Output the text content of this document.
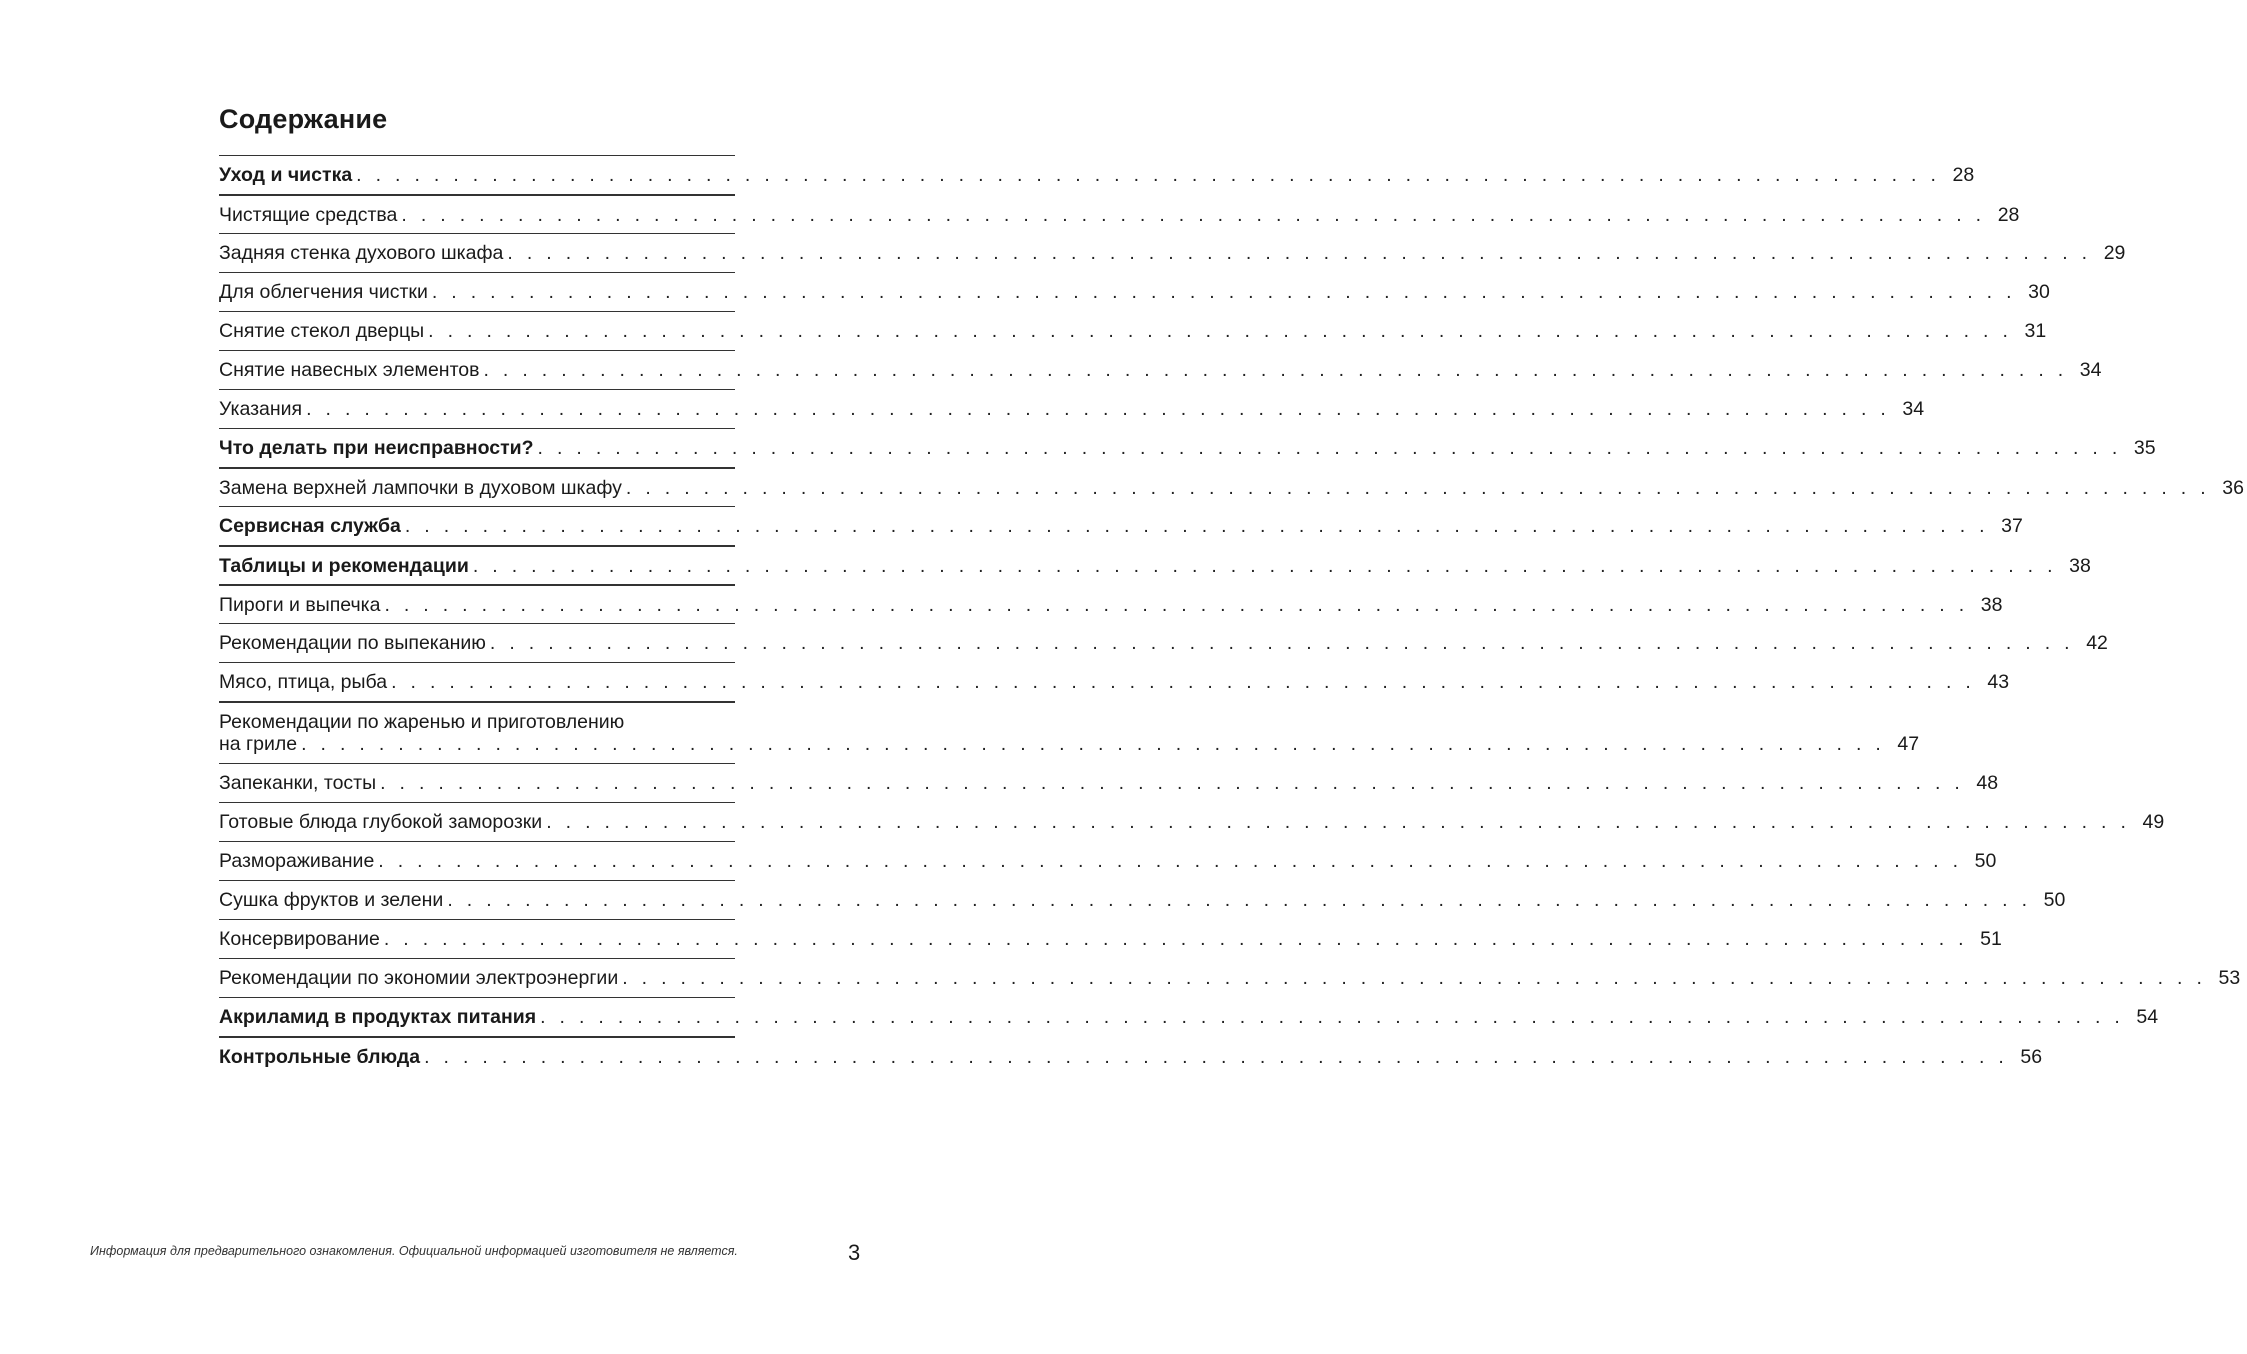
Содержание
Уход и чистка . . . . . . . . . . . . . . . . . . . . . . . . . . . . . . . . . . . . . . . . . . . . . . . . . . . . . . . . . . . . . . . . . . . . . . . . . . . . . . . . . . 28
Чистящие средства . . . . . . . . . . . . . . . . . . . . . . . . . . . . . . . . . . . . . . . . . . . . . . . . . . . . . . . . . . . . . . . . . . . . . . . . . . . . . . . . . . 28
Задняя стенка духового шкафа . . . . . . . . . . . . . . . . . . . . . . . . . . . . . . . . . . . . . . . . . . . . . . . . . . . . . . . . . . . . . . . . . . . . . . . . . . . . . . . . . . 29
Для облегчения чистки . . . . . . . . . . . . . . . . . . . . . . . . . . . . . . . . . . . . . . . . . . . . . . . . . . . . . . . . . . . . . . . . . . . . . . . . . . . . . . . . . . 30
Снятие стекол дверцы . . . . . . . . . . . . . . . . . . . . . . . . . . . . . . . . . . . . . . . . . . . . . . . . . . . . . . . . . . . . . . . . . . . . . . . . . . . . . . . . . . 31
Снятие навесных элементов . . . . . . . . . . . . . . . . . . . . . . . . . . . . . . . . . . . . . . . . . . . . . . . . . . . . . . . . . . . . . . . . . . . . . . . . . . . . . . . . . . 34
Указания . . . . . . . . . . . . . . . . . . . . . . . . . . . . . . . . . . . . . . . . . . . . . . . . . . . . . . . . . . . . . . . . . . . . . . . . . . . . . . . . . . 34
Что делать при неисправности? . . . . . . . . . . . . . . . . . . . . . . . . . . . . . . . . . . . . . . . . . . . . . . . . . . . . . . . . . . . . . . . . . . . . . . . . . . . . . . . . . . 35
Замена верхней лампочки в духовом шкафу . . . . . . . . . . . . . . . . . . . . . . . . . . . . . . . . . . . . . . . . . . . . . . . . . . . . . . . . . . . . . . . . . . . . . . . . . . . . . . . . . . 36
Сервисная служба . . . . . . . . . . . . . . . . . . . . . . . . . . . . . . . . . . . . . . . . . . . . . . . . . . . . . . . . . . . . . . . . . . . . . . . . . . . . . . . . . . 37
Таблицы и рекомендации . . . . . . . . . . . . . . . . . . . . . . . . . . . . . . . . . . . . . . . . . . . . . . . . . . . . . . . . . . . . . . . . . . . . . . . . . . . . . . . . . . 38
Пироги и выпечка . . . . . . . . . . . . . . . . . . . . . . . . . . . . . . . . . . . . . . . . . . . . . . . . . . . . . . . . . . . . . . . . . . . . . . . . . . . . . . . . . . 38
Рекомендации по выпеканию . . . . . . . . . . . . . . . . . . . . . . . . . . . . . . . . . . . . . . . . . . . . . . . . . . . . . . . . . . . . . . . . . . . . . . . . . . . . . . . . . . 42
Мясо, птица, рыба . . . . . . . . . . . . . . . . . . . . . . . . . . . . . . . . . . . . . . . . . . . . . . . . . . . . . . . . . . . . . . . . . . . . . . . . . . . . . . . . . . 43
Рекомендации по жаренью и приготовлению
на гриле . . . . . . . . . . . . . . . . . . . . . . . . . . . . . . . . . . . . . . . . . . . . . . . . . . . . . . . . . . . . . . . . . . . . . . . . . . . . . . . . . . 47
Запеканки, тосты . . . . . . . . . . . . . . . . . . . . . . . . . . . . . . . . . . . . . . . . . . . . . . . . . . . . . . . . . . . . . . . . . . . . . . . . . . . . . . . . . . 48
Готовые блюда глубокой заморозки . . . . . . . . . . . . . . . . . . . . . . . . . . . . . . . . . . . . . . . . . . . . . . . . . . . . . . . . . . . . . . . . . . . . . . . . . . . . . . . . . . 49
Размораживание . . . . . . . . . . . . . . . . . . . . . . . . . . . . . . . . . . . . . . . . . . . . . . . . . . . . . . . . . . . . . . . . . . . . . . . . . . . . . . . . . . 50
Сушка фруктов и зелени . . . . . . . . . . . . . . . . . . . . . . . . . . . . . . . . . . . . . . . . . . . . . . . . . . . . . . . . . . . . . . . . . . . . . . . . . . . . . . . . . . 50
Консервирование . . . . . . . . . . . . . . . . . . . . . . . . . . . . . . . . . . . . . . . . . . . . . . . . . . . . . . . . . . . . . . . . . . . . . . . . . . . . . . . . . . 51
Рекомендации по экономии электроэнергии . . . . . . . . . . . . . . . . . . . . . . . . . . . . . . . . . . . . . . . . . . . . . . . . . . . . . . . . . . . . . . . . . . . . . . . . . . . . . . . . . . 53
Акриламид в продуктах питания . . . . . . . . . . . . . . . . . . . . . . . . . . . . . . . . . . . . . . . . . . . . . . . . . . . . . . . . . . . . . . . . . . . . . . . . . . . . . . . . . . 54
Контрольные блюда . . . . . . . . . . . . . . . . . . . . . . . . . . . . . . . . . . . . . . . . . . . . . . . . . . . . . . . . . . . . . . . . . . . . . . . . . . . . . . . . . . 56
Информация для предварительного ознакомления. Официальной информацией изготовителя не является.	3
